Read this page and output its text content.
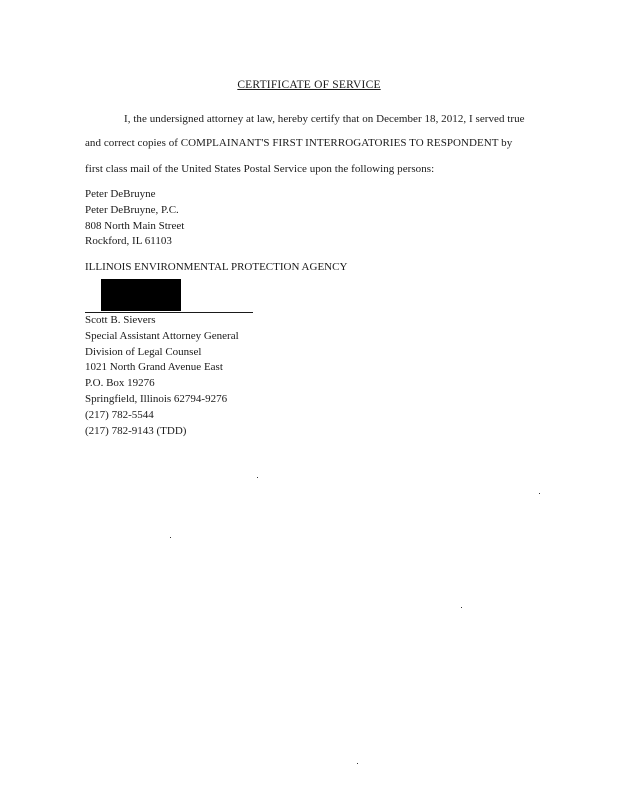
CERTIFICATE OF SERVICE
I, the undersigned attorney at law, hereby certify that on December 18, 2012, I served true
and correct copies of COMPLAINANT'S FIRST INTERROGATORIES TO RESPONDENT by
first class mail of the United States Postal Service upon the following persons:
Peter DeBruyne
Peter DeBruyne, P.C.
808 North Main Street
Rockford, IL 61103
ILLINOIS ENVIRONMENTAL PROTECTION AGENCY
Scott B. Sievers
Special Assistant Attorney General
Division of Legal Counsel
1021 North Grand Avenue East
P.O. Box 19276
Springfield, Illinois 62794-9276
(217) 782-5544
(217) 782-9143 (TDD)
